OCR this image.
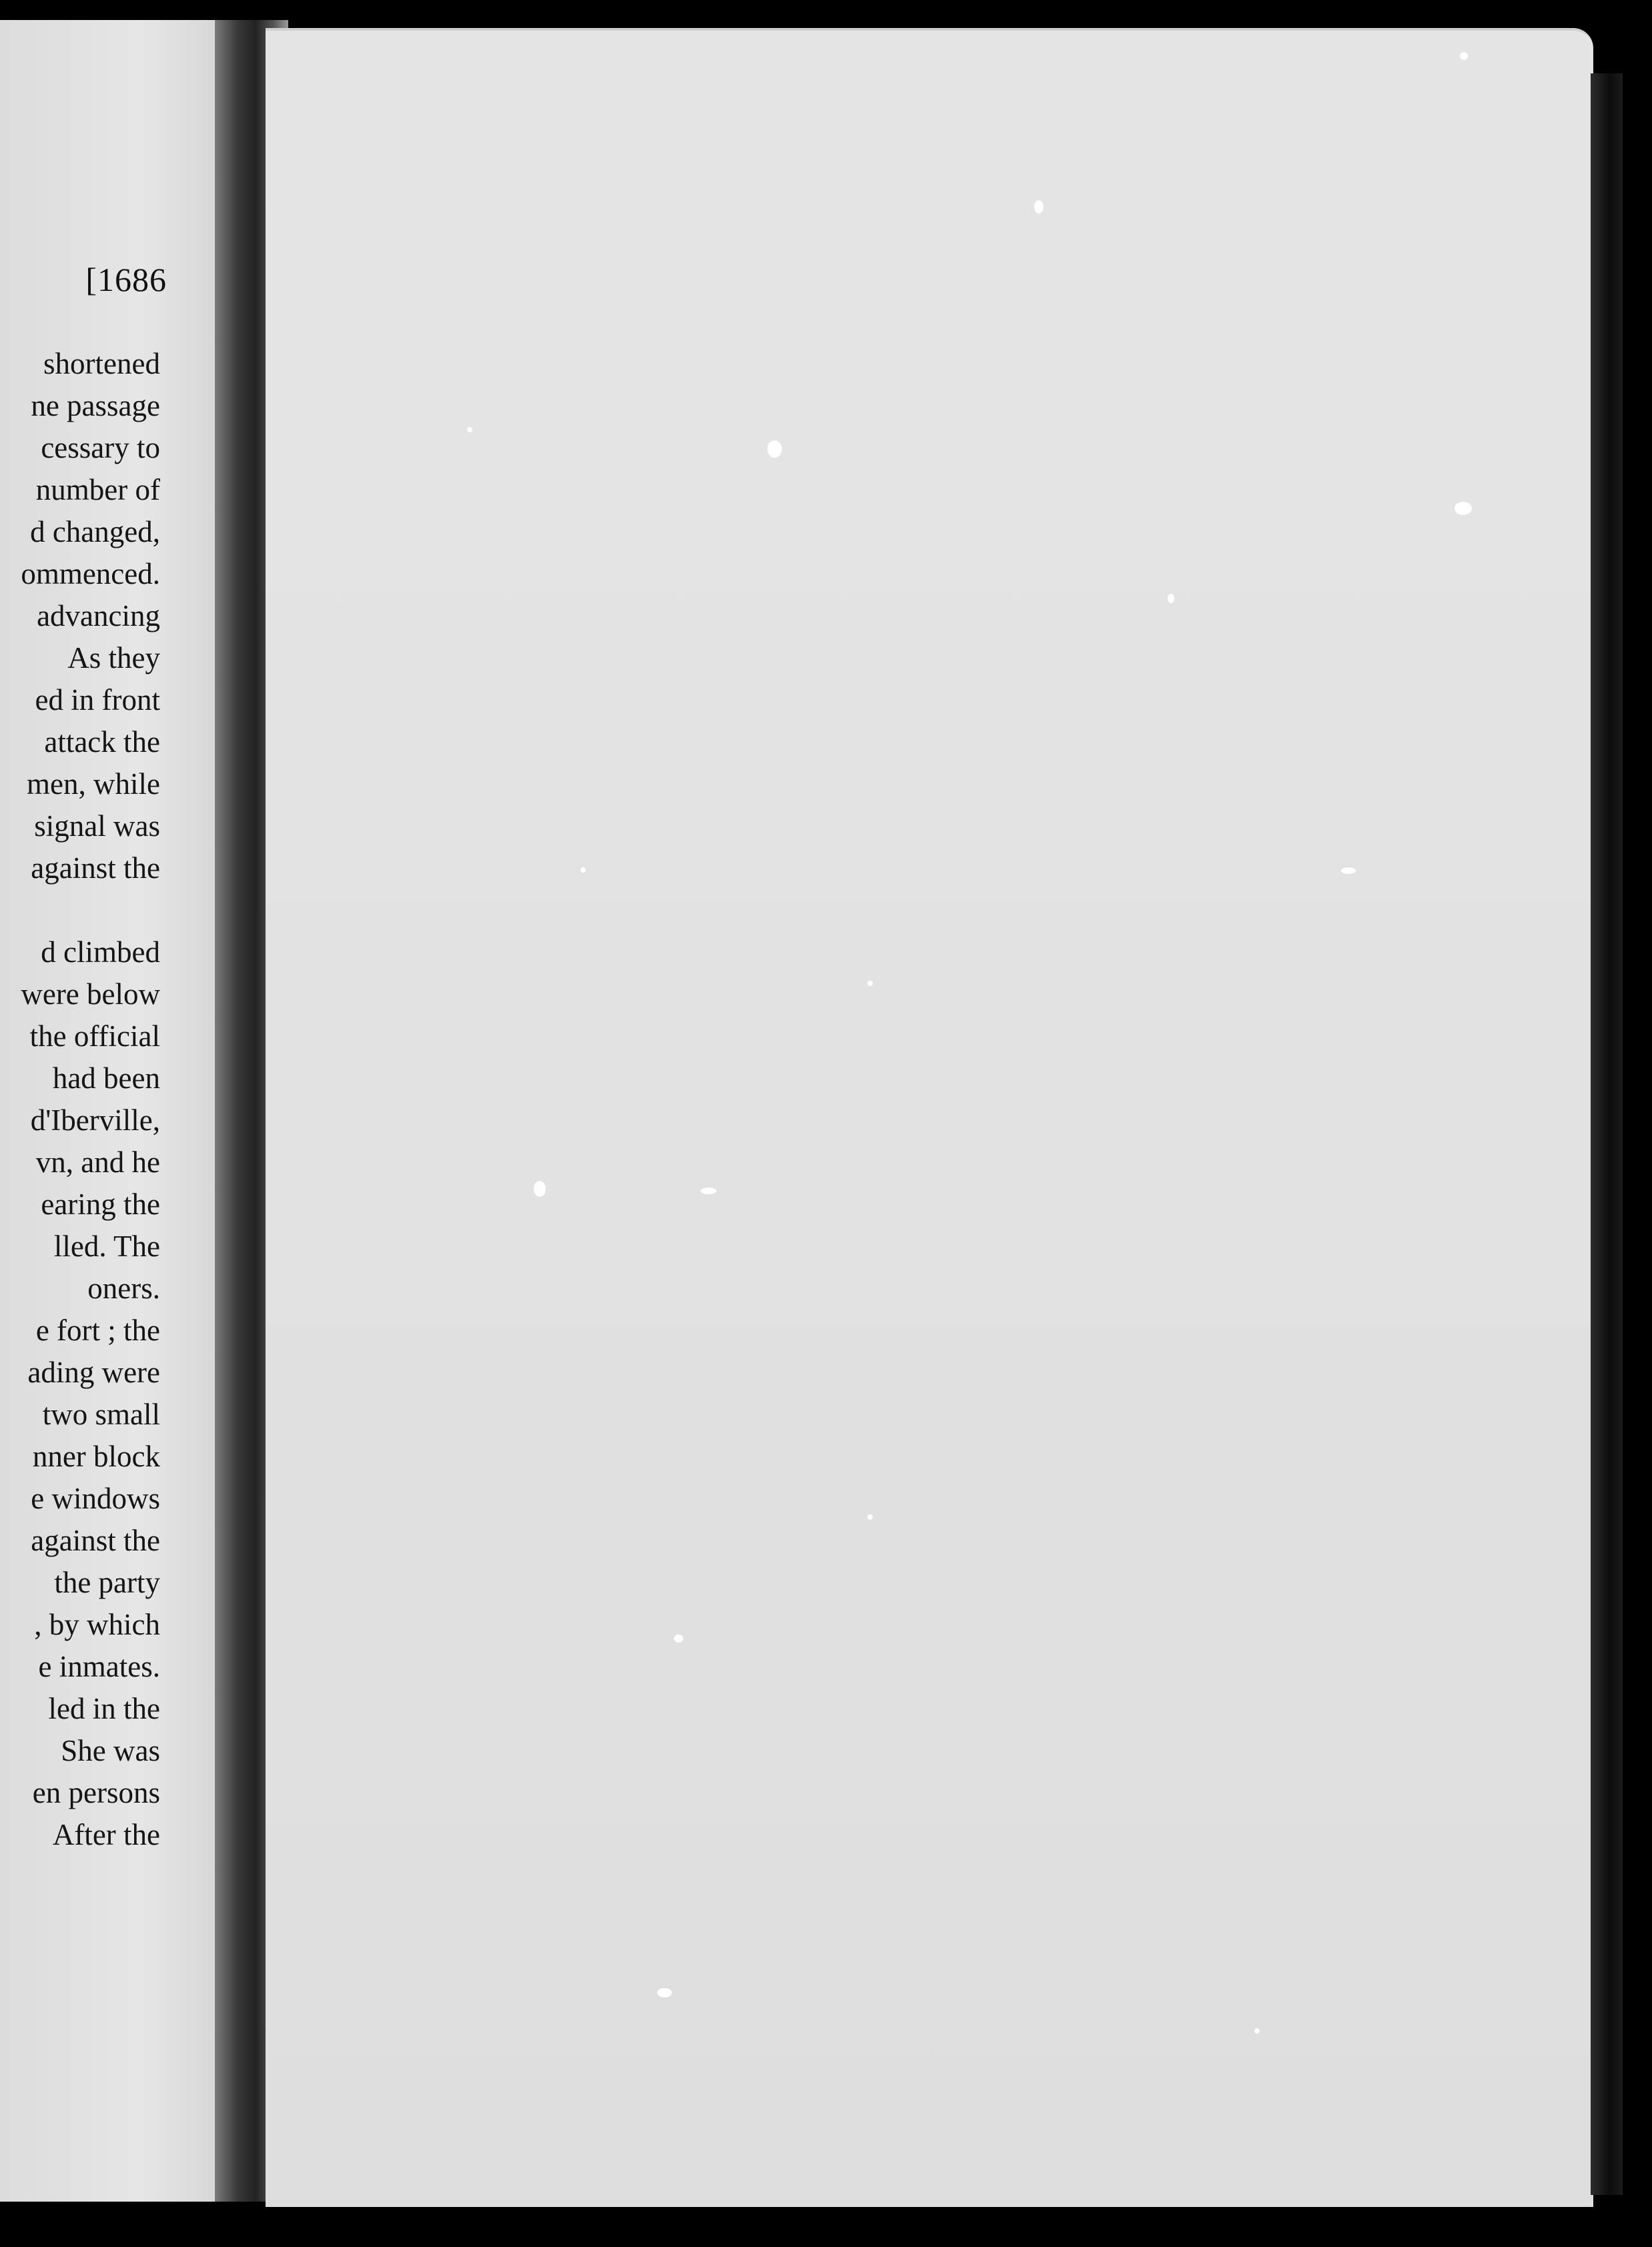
[1686
shortened
ne passage
cessary to
number of
d changed,
ommenced.
advancing
As they
ed in front
attack the
men, while
signal was
against the
d climbed
were below
the official
had been
d'Iberville,
vn, and he
earing the
lled. The
oners.
e fort ; the
ading were
two small
nner block
e windows
against the
the party
, by which
e inmates.
led in the
She was
en persons
After the
